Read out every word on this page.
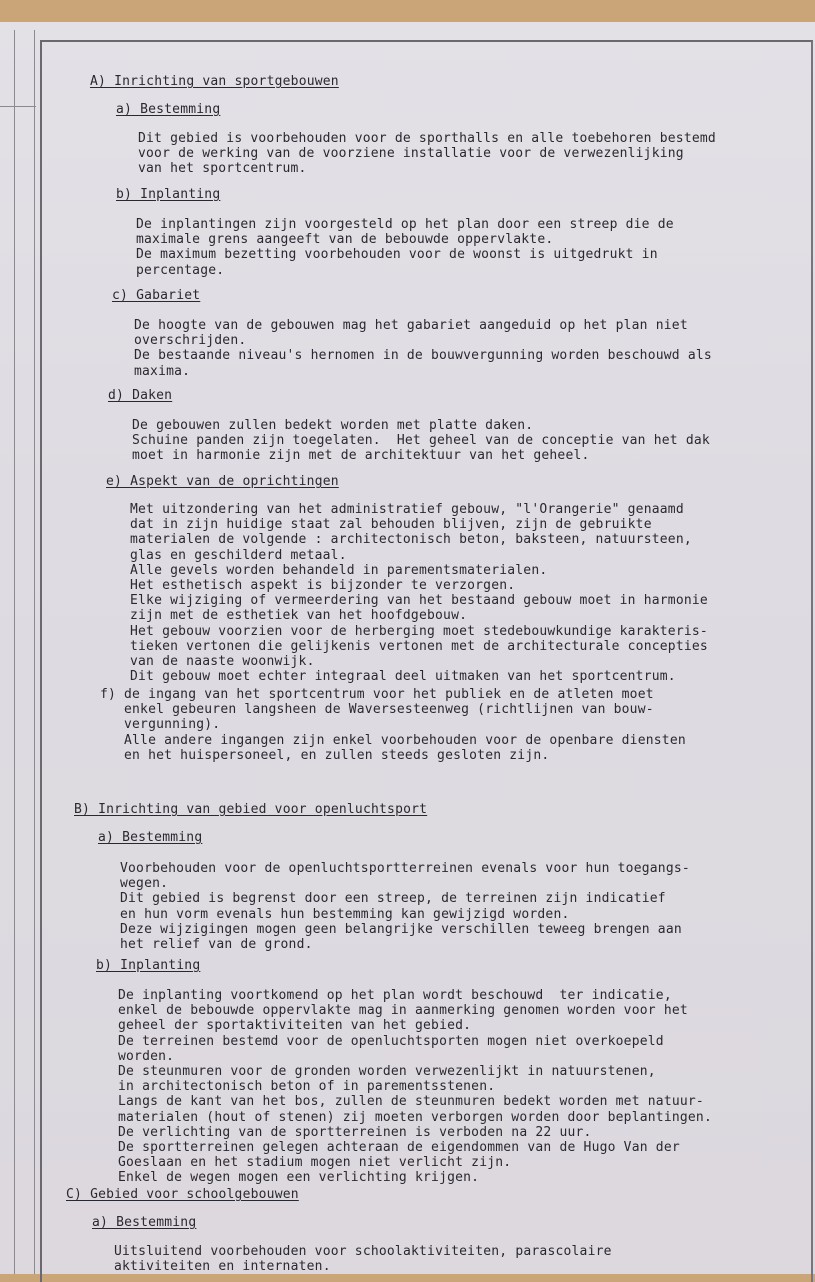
A) Inrichting van sportgebouwen
a) Bestemming
Dit gebied is voorbehouden voor de sporthalls en alle toebehoren bestemd
voor de werking van de voorziene installatie voor de verwezenlijking
van het sportcentrum.
b) Inplanting
De inplantingen zijn voorgesteld op het plan door een streep die de
maximale grens aangeeft van de bebouwde oppervlakte.
De maximum bezetting voorbehouden voor de woonst is uitgedrukt in
percentage.
c) Gabariet
De hoogte van de gebouwen mag het gabariet aangeduid op het plan niet
overschrijden.
De bestaande niveau's hernomen in de bouwvergunning worden beschouwd als
maxima.
d) Daken
De gebouwen zullen bedekt worden met platte daken.
Schuine panden zijn toegelaten.  Het geheel van de conceptie van het dak
moet in harmonie zijn met de architektuur van het geheel.
e) Aspekt van de oprichtingen
Met uitzondering van het administratief gebouw, "l'Orangerie" genaamd
dat in zijn huidige staat zal behouden blijven, zijn de gebruikte
materialen de volgende : architectonisch beton, baksteen, natuursteen,
glas en geschilderd metaal.
Alle gevels worden behandeld in parementsmaterialen.
Het esthetisch aspekt is bijzonder te verzorgen.
Elke wijziging of vermeerdering van het bestaand gebouw moet in harmonie
zijn met de esthetiek van het hoofdgebouw.
Het gebouw voorzien voor de herberging moet stedebouwkundige karakteris-
tieken vertonen die gelijkenis vertonen met de architecturale concepties
van de naaste woonwijk.
Dit gebouw moet echter integraal deel uitmaken van het sportcentrum.
f) de ingang van het sportcentrum voor het publiek en de atleten moet
enkel gebeuren langsheen de Waversesteenweg (richtlijnen van bouw-
vergunning).
Alle andere ingangen zijn enkel voorbehouden voor de openbare diensten
en het huispersoneel, en zullen steeds gesloten zijn.
B) Inrichting van gebied voor openluchtsport
a) Bestemming
Voorbehouden voor de openluchtsportterreinen evenals voor hun toegangs-
wegen.
Dit gebied is begrenst door een streep, de terreinen zijn indicatief
en hun vorm evenals hun bestemming kan gewijzigd worden.
Deze wijzigingen mogen geen belangrijke verschillen teweeg brengen aan
het relief van de grond.
b) Inplanting
De inplanting voortkomend op het plan wordt beschouwd  ter indicatie,
enkel de bebouwde oppervlakte mag in aanmerking genomen worden voor het
geheel der sportaktiviteiten van het gebied.
De terreinen bestemd voor de openluchtsporten mogen niet overkoepeld
worden.
De steunmuren voor de gronden worden verwezenlijkt in natuurstenen,
in architectonisch beton of in parementsstenen.
Langs de kant van het bos, zullen de steunmuren bedekt worden met natuur-
materialen (hout of stenen) zij moeten verborgen worden door beplantingen.
De verlichting van de sportterreinen is verboden na 22 uur.
De sportterreinen gelegen achteraan de eigendommen van de Hugo Van der
Goeslaan en het stadium mogen niet verlicht zijn.
Enkel de wegen mogen een verlichting krijgen.
C) Gebied voor schoolgebouwen
a) Bestemming
Uitsluitend voorbehouden voor schoolaktiviteiten, parascolaire
aktiviteiten en internaten.
